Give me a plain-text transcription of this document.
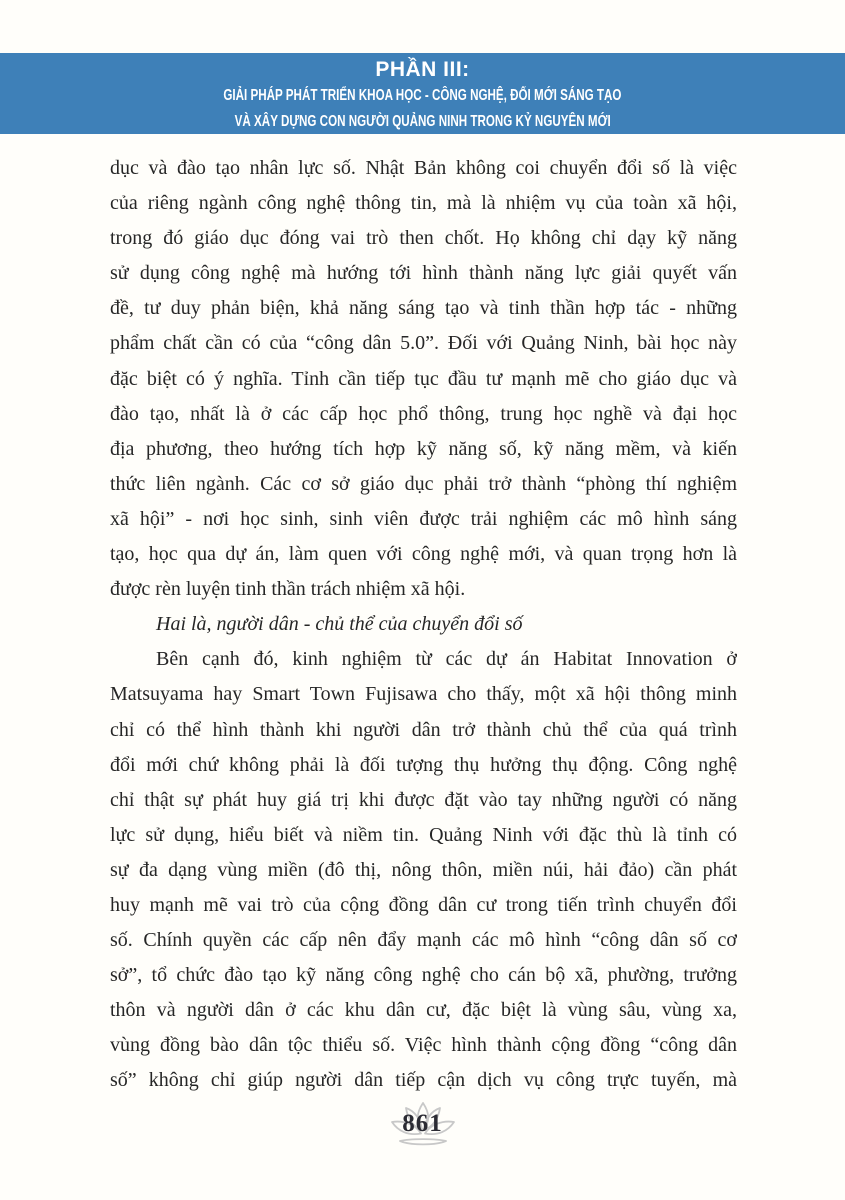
PHẦN III:
GIẢI PHÁP PHÁT TRIỂN KHOA HỌC - CÔNG NGHỆ, ĐỔI MỚI SÁNG TẠO
VÀ XÂY DỰNG CON NGƯỜI QUẢNG NINH TRONG KỶ NGUYÊN MỚI
dục và đào tạo nhân lực số. Nhật Bản không coi chuyển đổi số là việc
của riêng ngành công nghệ thông tin, mà là nhiệm vụ của toàn xã hội,
trong đó giáo dục đóng vai trò then chốt. Họ không chỉ dạy kỹ năng
sử dụng công nghệ mà hướng tới hình thành năng lực giải quyết vấn
đề, tư duy phản biện, khả năng sáng tạo và tinh thần hợp tác - những
phẩm chất cần có của “công dân 5.0”. Đối với Quảng Ninh, bài học này
đặc biệt có ý nghĩa. Tỉnh cần tiếp tục đầu tư mạnh mẽ cho giáo dục và
đào tạo, nhất là ở các cấp học phổ thông, trung học nghề và đại học
địa phương, theo hướng tích hợp kỹ năng số, kỹ năng mềm, và kiến
thức liên ngành. Các cơ sở giáo dục phải trở thành “phòng thí nghiệm
xã hội” - nơi học sinh, sinh viên được trải nghiệm các mô hình sáng
tạo, học qua dự án, làm quen với công nghệ mới, và quan trọng hơn là
được rèn luyện tinh thần trách nhiệm xã hội.
Hai là, người dân - chủ thể của chuyển đổi số
Bên cạnh đó, kinh nghiệm từ các dự án Habitat Innovation ở
Matsuyama hay Smart Town Fujisawa cho thấy, một xã hội thông minh
chỉ có thể hình thành khi người dân trở thành chủ thể của quá trình
đổi mới chứ không phải là đối tượng thụ hưởng thụ động. Công nghệ
chỉ thật sự phát huy giá trị khi được đặt vào tay những người có năng
lực sử dụng, hiểu biết và niềm tin. Quảng Ninh với đặc thù là tỉnh có
sự đa dạng vùng miền (đô thị, nông thôn, miền núi, hải đảo) cần phát
huy mạnh mẽ vai trò của cộng đồng dân cư trong tiến trình chuyển đổi
số. Chính quyền các cấp nên đẩy mạnh các mô hình “công dân số cơ
sở”, tổ chức đào tạo kỹ năng công nghệ cho cán bộ xã, phường, trưởng
thôn và người dân ở các khu dân cư, đặc biệt là vùng sâu, vùng xa,
vùng đồng bào dân tộc thiểu số. Việc hình thành cộng đồng “công dân
số” không chỉ giúp người dân tiếp cận dịch vụ công trực tuyến, mà
861
